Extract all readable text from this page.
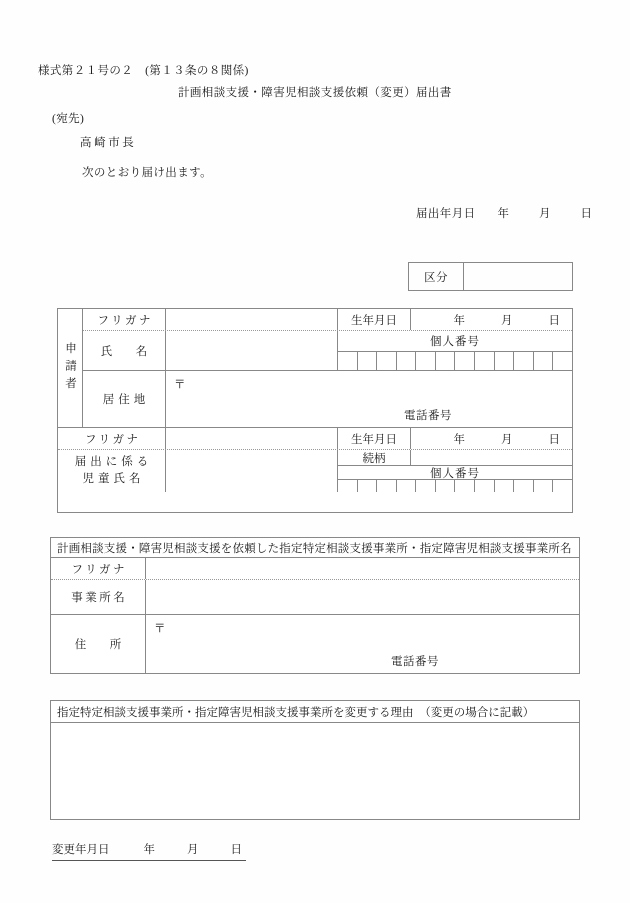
様式第２１号の２　(第１３条の８関係)
計画相談支援・障害児相談支援依頼（変更）届出書
(宛先)
高崎市長
次のとおり届け出ます。
届出年月日 年	月	日
区分
申請者
フリガナ	生年月日	年	月	日
氏　名
個人番号
居住地
〒
電話番号
フリガナ	生年月日	年	月	日
届出に係る
児童氏名
続柄
個人番号
計画相談支援・障害児相談支援を依頼した指定特定相談支援事業所・指定障害児相談支援事業所名
フリガナ
事業所名
住　所
〒
電話番号
指定特定相談支援事業所・指定障害児相談支援事業所を変更する理由　（変更の場合に記載）
変更年月日	年	月	日
